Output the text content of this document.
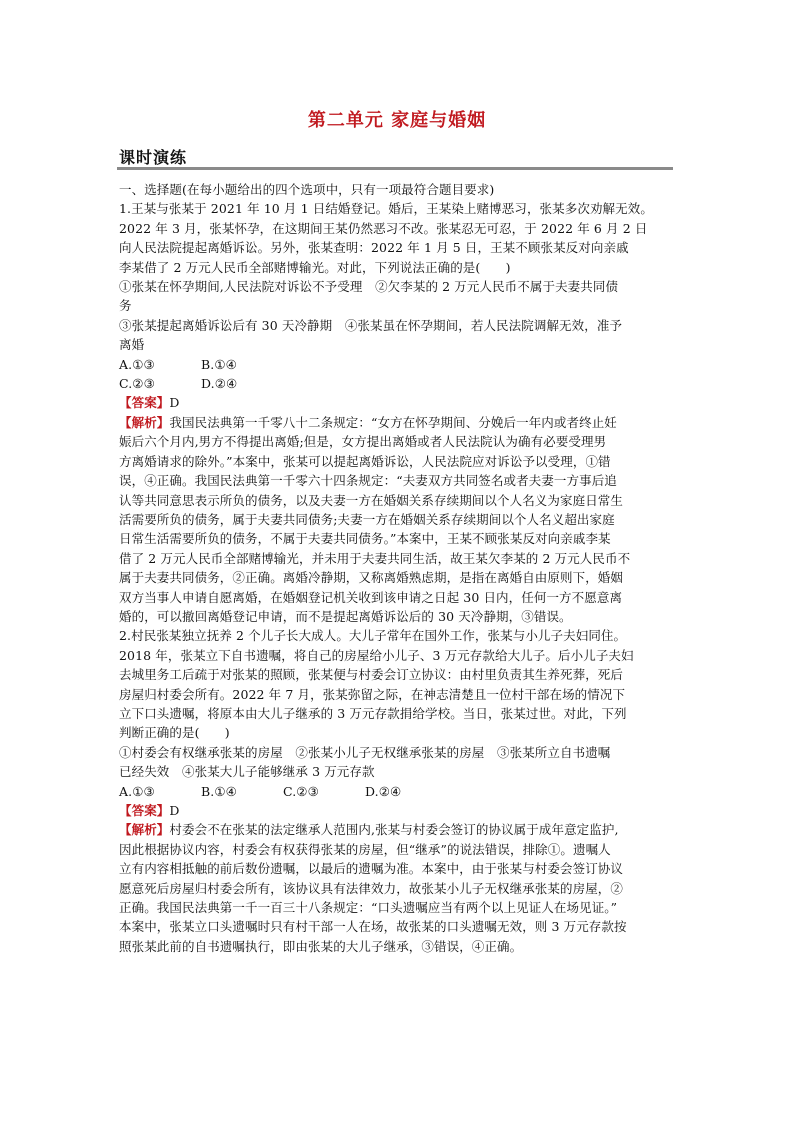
第二单元 家庭与婚姻
课时演练

一、选择题(在每小题给出的四个选项中，只有一项最符合题目要求)

1.王某与张某于 2021 年 10 月 1 日结婚登记。婚后，王某染上赌博恶习，张某多次劝解无效。

2022 年 3 月，张某怀孕，在这期间王某仍然恶习不改。张某忍无可忍，于 2022 年 6 月 2 日

向人民法院提起离婚诉讼。另外，张某查明：2022 年 1 月 5 日，王某不顾张某反对向亲戚

李某借了 2 万元人民币全部赌博输光。对此，下列说法正确的是(　　)

①张某在怀孕期间,人民法院对诉讼不予受理　②欠李某的 2 万元人民币不属于夫妻共同债

务

③张某提起离婚诉讼后有 30 天冷静期　④张某虽在怀孕期间，若人民法院调解无效，准予

离婚

A.①③	B.①④

C.②③	D.②④

【答案】D

【解析】我国民法典第一千零八十二条规定：“女方在怀孕期间、分娩后一年内或者终止妊

娠后六个月内,男方不得提出离婚;但是，女方提出离婚或者人民法院认为确有必要受理男

方离婚请求的除外。”本案中，张某可以提起离婚诉讼，人民法院应对诉讼予以受理，①错

误，④正确。我国民法典第一千零六十四条规定：“夫妻双方共同签名或者夫妻一方事后追

认等共同意思表示所负的债务，以及夫妻一方在婚姻关系存续期间以个人名义为家庭日常生

活需要所负的债务，属于夫妻共同债务;夫妻一方在婚姻关系存续期间以个人名义超出家庭

日常生活需要所负的债务，不属于夫妻共同债务。”本案中，王某不顾张某反对向亲戚李某

借了 2 万元人民币全部赌博输光，并未用于夫妻共同生活，故王某欠李某的 2 万元人民币不

属于夫妻共同债务，②正确。离婚冷静期，又称离婚熟虑期，是指在离婚自由原则下，婚姻

双方当事人申请自愿离婚，在婚姻登记机关收到该申请之日起 30 日内，任何一方不愿意离

婚的，可以撤回离婚登记申请，而不是提起离婚诉讼后的 30 天冷静期，③错误。

2.村民张某独立抚养 2 个儿子长大成人。大儿子常年在国外工作，张某与小儿子夫妇同住。

2018 年，张某立下自书遗嘱，将自己的房屋给小儿子、3 万元存款给大儿子。后小儿子夫妇

去城里务工后疏于对张某的照顾，张某便与村委会订立协议：由村里负责其生养死葬，死后

房屋归村委会所有。2022 年 7 月，张某弥留之际，在神志清楚且一位村干部在场的情况下

立下口头遗嘱，将原本由大儿子继承的 3 万元存款捐给学校。当日，张某过世。对此，下列

判断正确的是(　　)

①村委会有权继承张某的房屋　②张某小儿子无权继承张某的房屋　③张某所立自书遗嘱

已经失效　④张某大儿子能够继承 3 万元存款

A.①③	B.①④	C.②③	D.②④

【答案】D

【解析】村委会不在张某的法定继承人范围内,张某与村委会签订的协议属于成年意定监护,

因此根据协议内容，村委会有权获得张某的房屋，但“继承”的说法错误，排除①。遗嘱人

立有内容相抵触的前后数份遗嘱，以最后的遗嘱为准。本案中，由于张某与村委会签订协议

愿意死后房屋归村委会所有，该协议具有法律效力，故张某小儿子无权继承张某的房屋，②

正确。我国民法典第一千一百三十八条规定：“口头遗嘱应当有两个以上见证人在场见证。”

本案中，张某立口头遗嘱时只有村干部一人在场，故张某的口头遗嘱无效，则 3 万元存款按

照张某此前的自书遗嘱执行，即由张某的大儿子继承，③错误，④正确。
